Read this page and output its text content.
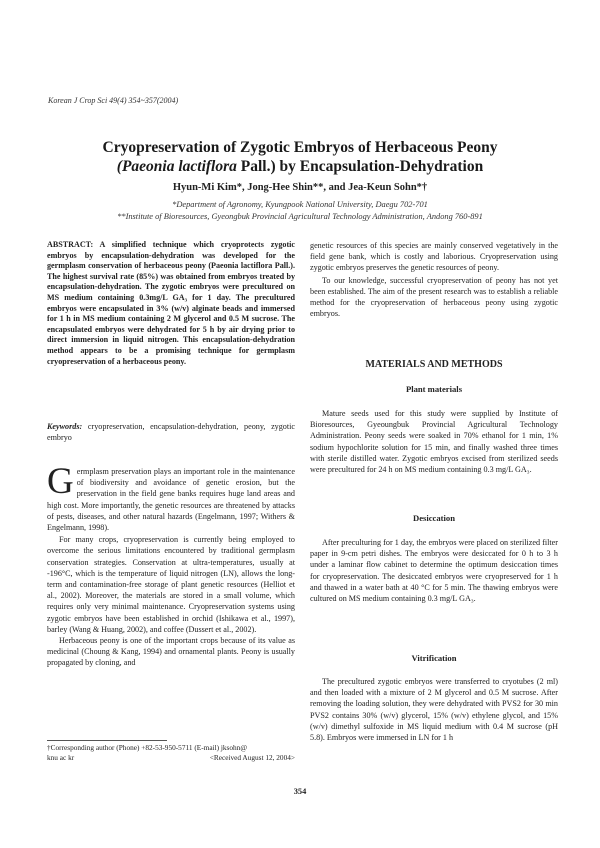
Korean J Crop Sci 49(4) 354~357(2004)
Cryopreservation of Zygotic Embryos of Herbaceous Peony
(Paeonia lactiflora Pall.) by Encapsulation-Dehydration
Hyun-Mi Kim*, Jong-Hee Shin**, and Jea-Keun Sohn*†
*Department of Agronomy, Kyungpook National University, Daegu 702-701
**Institute of Bioresources, Gyeongbuk Provincial Agricultural Technology Administration, Andong 760-891

ABSTRACT: A simplified technique which cryoprotects zygotic embryos by encapsulation-dehydration was developed for the germplasm conservation of herbaceous peony (Paeonia lactiflora Pall.). The highest survival rate (85%) was obtained from embryos treated by encapsulation-dehydration. The zygotic embryos were precultured on MS medium containing 0.3mg/L GA₃ for 1 day. The precultured embryos were encapsulated in 3% (w/v) alginate beads and immersed for 1 h in MS medium containing 2 M glycerol and 0.5 M sucrose. The encapsulated embryos were dehydrated for 5 h by air drying prior to direct immersion in liquid nitrogen. This encapsulation-dehydration method appears to be a promising technique for germplasm cryopreservation of a herbaceous peony.

Keywords: cryopreservation, encapsulation-dehydration, peony, zygotic embryo

Germplasm preservation plays an important role in the maintenance of biodiversity and avoidance of genetic erosion, but the preservation in the field gene banks requires huge land areas and high cost. More importantly, the genetic resources are threatened by attacks of pests, diseases, and other natural hazards (Engelmann, 1997; Withers & Engelmann, 1998).

For many crops, cryopreservation is currently being employed to overcome the serious limitations encountered by traditional germplasm conservation strategies. Conservation at ultra-temperatures, usually at -196°C, which is the temperature of liquid nitrogen (LN), allows the long-term and contamination-free storage of plant genetic resources (Helliot et al., 2002). Moreover, the materials are stored in a small volume, which requires only very minimal maintenance. Cryopreservation systems using zygotic embryos have been established in orchid (Ishikawa et al., 1997), barley (Wang & Huang, 2002), and coffee (Dussert et al., 2002).

Herbaceous peony is one of the important crops because of its value as medicinal (Choung & Kang, 1994) and ornamental plants. Peony is usually propagated by cloning, and

†Corresponding author (Phone) +82-53-950-5711 (E-mail) jksohn@
knu ac kr	<Received August 12, 2004>

genetic resources of this species are mainly conserved vegetatively in the field gene bank, which is costly and laborious. Cryopreservation using zygotic embryos preserves the genetic resources of peony.

To our knowledge, successful cryopreservation of peony has not yet been established. The aim of the present research was to establish a reliable method for the cryopreservation of herbaceous peony using zygotic embryos.

MATERIALS AND METHODS
Plant materials

Mature seeds used for this study were supplied by Institute of Bioresources, Gyeoungbuk Provincial Agricultural Technology Administration. Peony seeds were soaked in 70% ethanol for 1 min, 1% sodium hypochlorite solution for 15 min, and finally washed three times with sterile distilled water. Zygotic embryos excised from sterilized seeds were precultured for 24 h on MS medium containing 0.3 mg/L GA₃.

Desiccation

After preculturing for 1 day, the embryos were placed on sterilized filter paper in 9-cm petri dishes. The embryos were desiccated for 0 h to 3 h under a laminar flow cabinet to determine the optimum desiccation times for cryopreservation. The desiccated embryos were cryopreserved for 1 h and thawed in a water bath at 40 °C for 5 min. The thawing embryos were cultured on MS medium containing 0.3 mg/L GA₃.

Vitrification

The precultured zygotic embryos were transferred to cryotubes (2 ml) and then loaded with a mixture of 2 M glycerol and 0.5 M sucrose. After removing the loading solution, they were dehydrated with PVS2 for 30 min PVS2 contains 30% (w/v) glycerol, 15% (w/v) ethylene glycol, and 15% (w/v) dimethyl sulfoxide in MS liquid medium with 0.4 M sucrose (pH 5.8). Embryos were immersed in LN for 1 h

354
